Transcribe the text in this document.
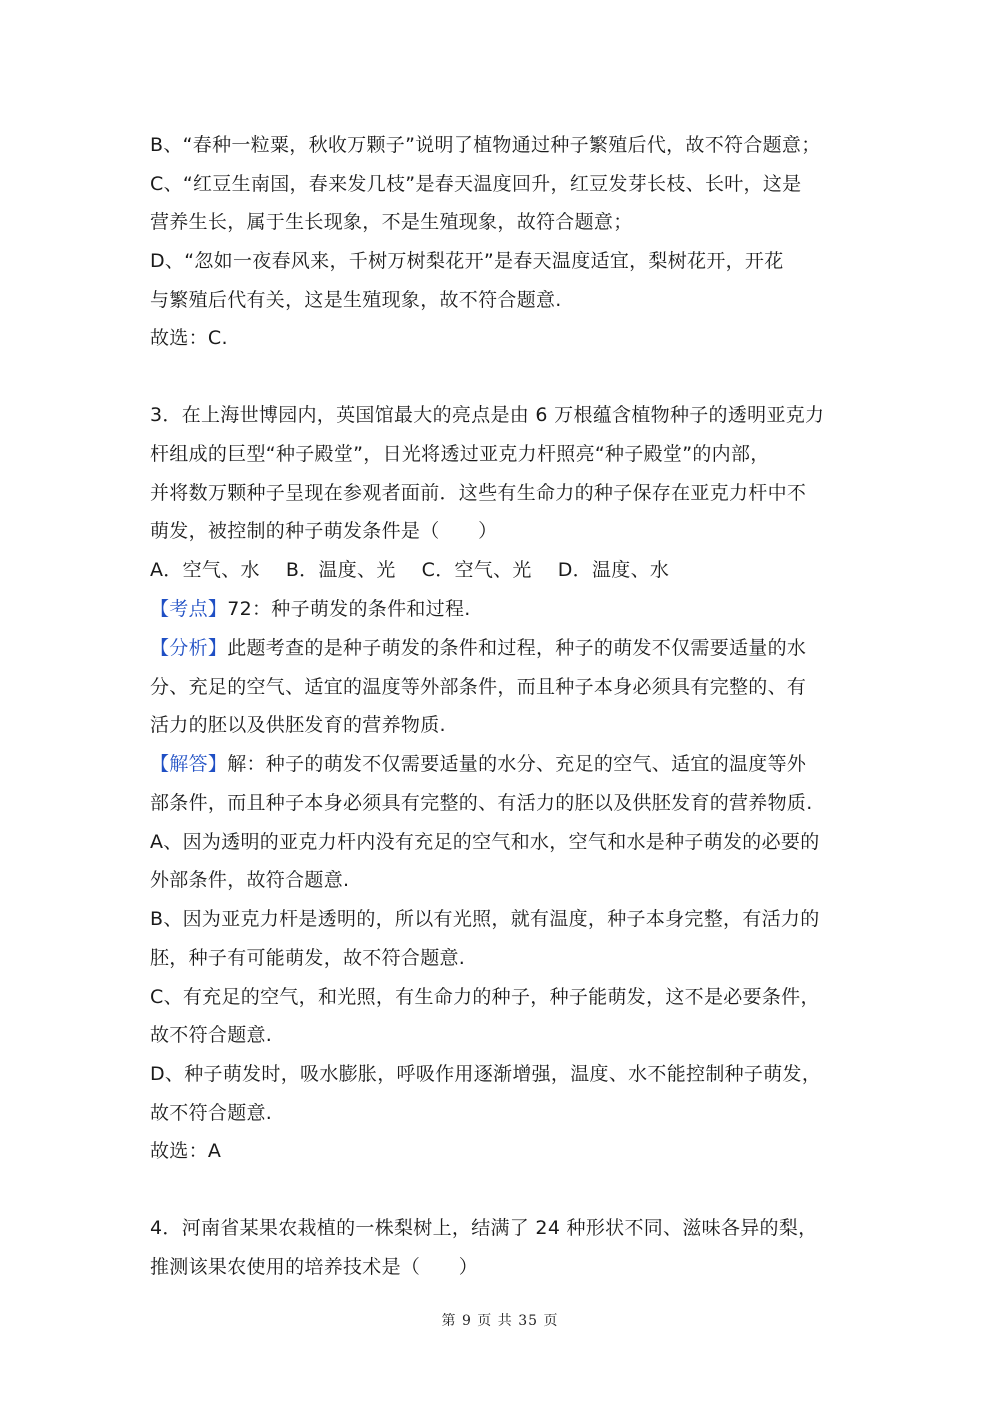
B、“春种一粒粟，秋收万颗子”说明了植物通过种子繁殖后代，故不符合题意；
C、“红豆生南国，春来发几枝”是春天温度回升，红豆发芽长枝、长叶，这是
营养生长，属于生长现象，不是生殖现象，故符合题意；
D、“忽如一夜春风来，千树万树梨花开”是春天温度适宜，梨树花开，开花
与繁殖后代有关，这是生殖现象，故不符合题意.
故选：C.
3．在上海世博园内，英国馆最大的亮点是由 6 万根蕴含植物种子的透明亚克力
杆组成的巨型“种子殿堂”，日光将透过亚克力杆照亮“种子殿堂”的内部，
并将数万颗种子呈现在参观者面前．这些有生命力的种子保存在亚克力杆中不
萌发，被控制的种子萌发条件是（　　）
A．空气、水 B．温度、光 C．空气、光 D．温度、水
【考点】72：种子萌发的条件和过程.
【分析】此题考查的是种子萌发的条件和过程，种子的萌发不仅需要适量的水
分、充足的空气、适宜的温度等外部条件，而且种子本身必须具有完整的、有
活力的胚以及供胚发育的营养物质.
【解答】解：种子的萌发不仅需要适量的水分、充足的空气、适宜的温度等外
部条件，而且种子本身必须具有完整的、有活力的胚以及供胚发育的营养物质.
A、因为透明的亚克力杆内没有充足的空气和水，空气和水是种子萌发的必要的
外部条件，故符合题意.
B、因为亚克力杆是透明的，所以有光照，就有温度，种子本身完整，有活力的
胚，种子有可能萌发，故不符合题意.
C、有充足的空气，和光照，有生命力的种子，种子能萌发，这不是必要条件，
故不符合题意.
D、种子萌发时，吸水膨胀，呼吸作用逐渐增强，温度、水不能控制种子萌发，
故不符合题意.
故选：A
4．河南省某果农栽植的一株梨树上，结满了 24 种形状不同、滋味各异的梨，
推测该果农使用的培养技术是（　　）
第 9 页 共 35 页
